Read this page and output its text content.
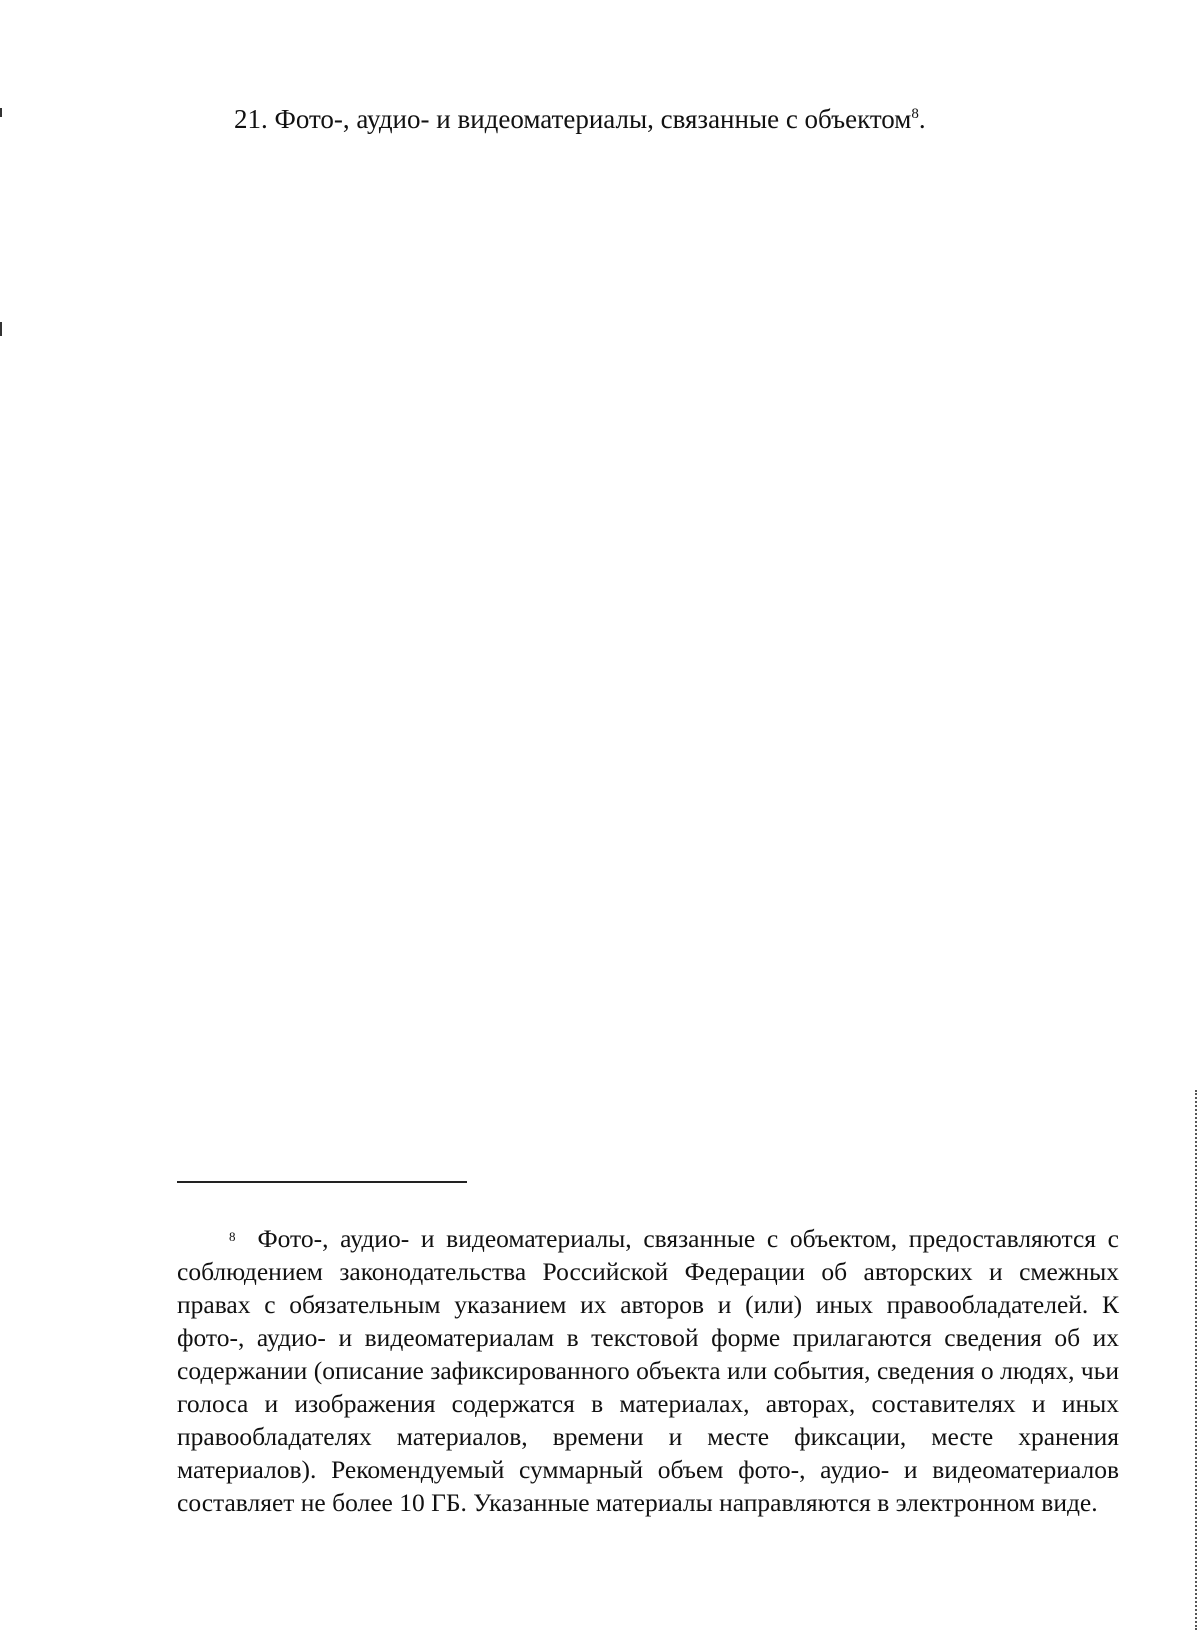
21. Фото-, аудио- и видеоматериалы, связанные с объектом$^8$.

$^8$ Фото-, аудио- и видеоматериалы, связанные с объектом, предоставляются с соблюдением законодательства Российской Федерации об авторских и смежных правах с обязательным указанием их авторов и (или) иных правообладателей. К фото-, аудио- и видеоматериалам в текстовой форме прилагаются сведения об их содержании (описание зафиксированного объекта или события, сведения о людях, чьи голоса и изображения содержатся в материалах, авторах, составителях и иных правообладателях материалов, времени и месте фиксации, месте хранения материалов). Рекомендуемый суммарный объем фото-, аудио- и видеоматериалов составляет не более 10 ГБ. Указанные материалы направляются в электронном виде.
